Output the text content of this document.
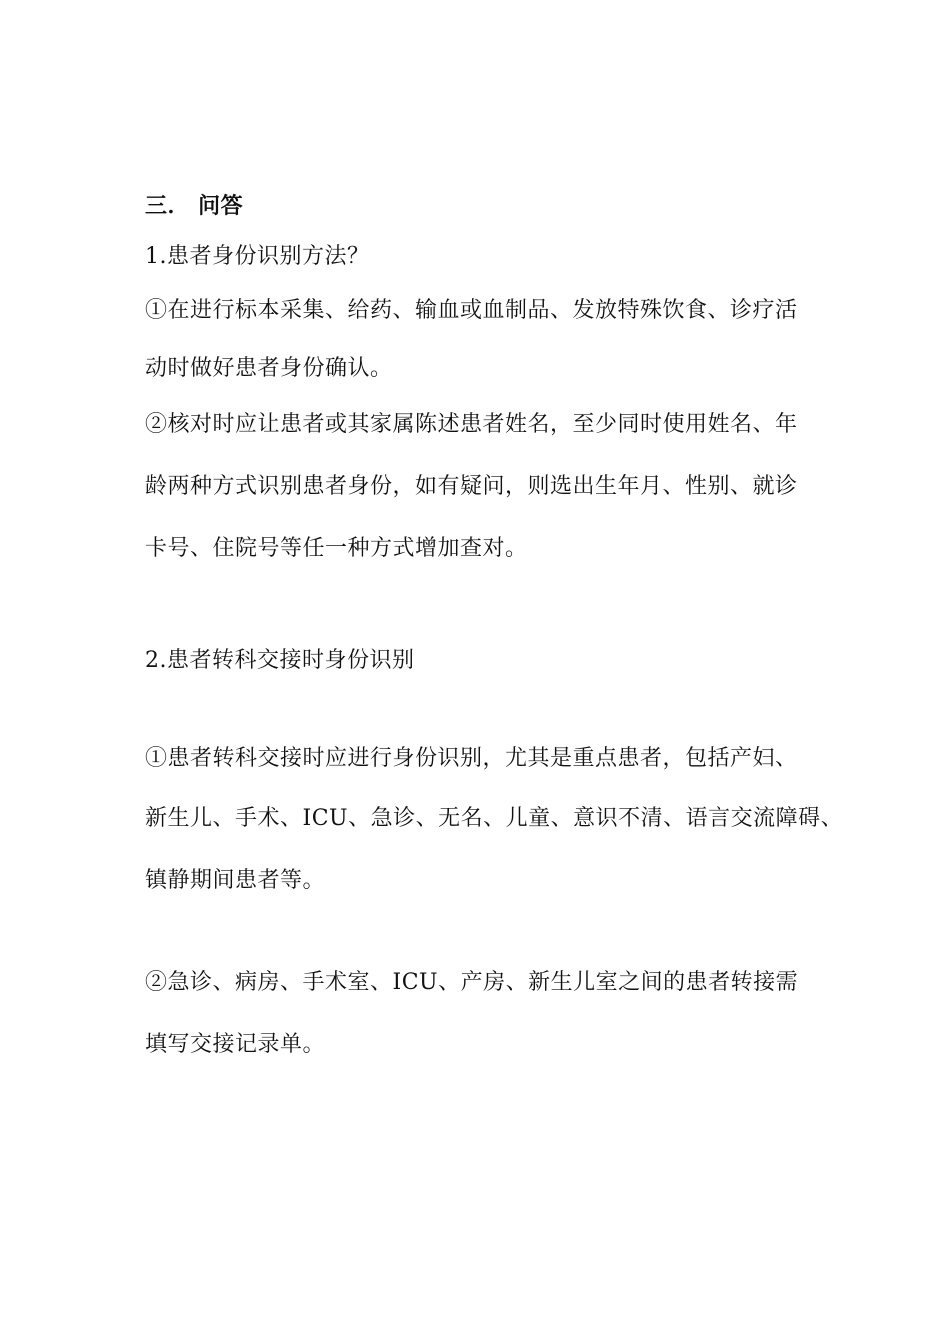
三． 问答
1.患者身份识别方法？
①在进行标本采集、给药、输血或血制品、发放特殊饮食、诊疗活
动时做好患者身份确认。
②核对时应让患者或其家属陈述患者姓名，至少同时使用姓名、年
龄两种方式识别患者身份，如有疑问，则选出生年月、性别、就诊
卡号、住院号等任一种方式增加查对。
2.患者转科交接时身份识别
①患者转科交接时应进行身份识别，尤其是重点患者，包括产妇、
新生儿、手术、ICU、急诊、无名、儿童、意识不清、语言交流障碍、
镇静期间患者等。
②急诊、病房、手术室、ICU、产房、新生儿室之间的患者转接需
填写交接记录单。
